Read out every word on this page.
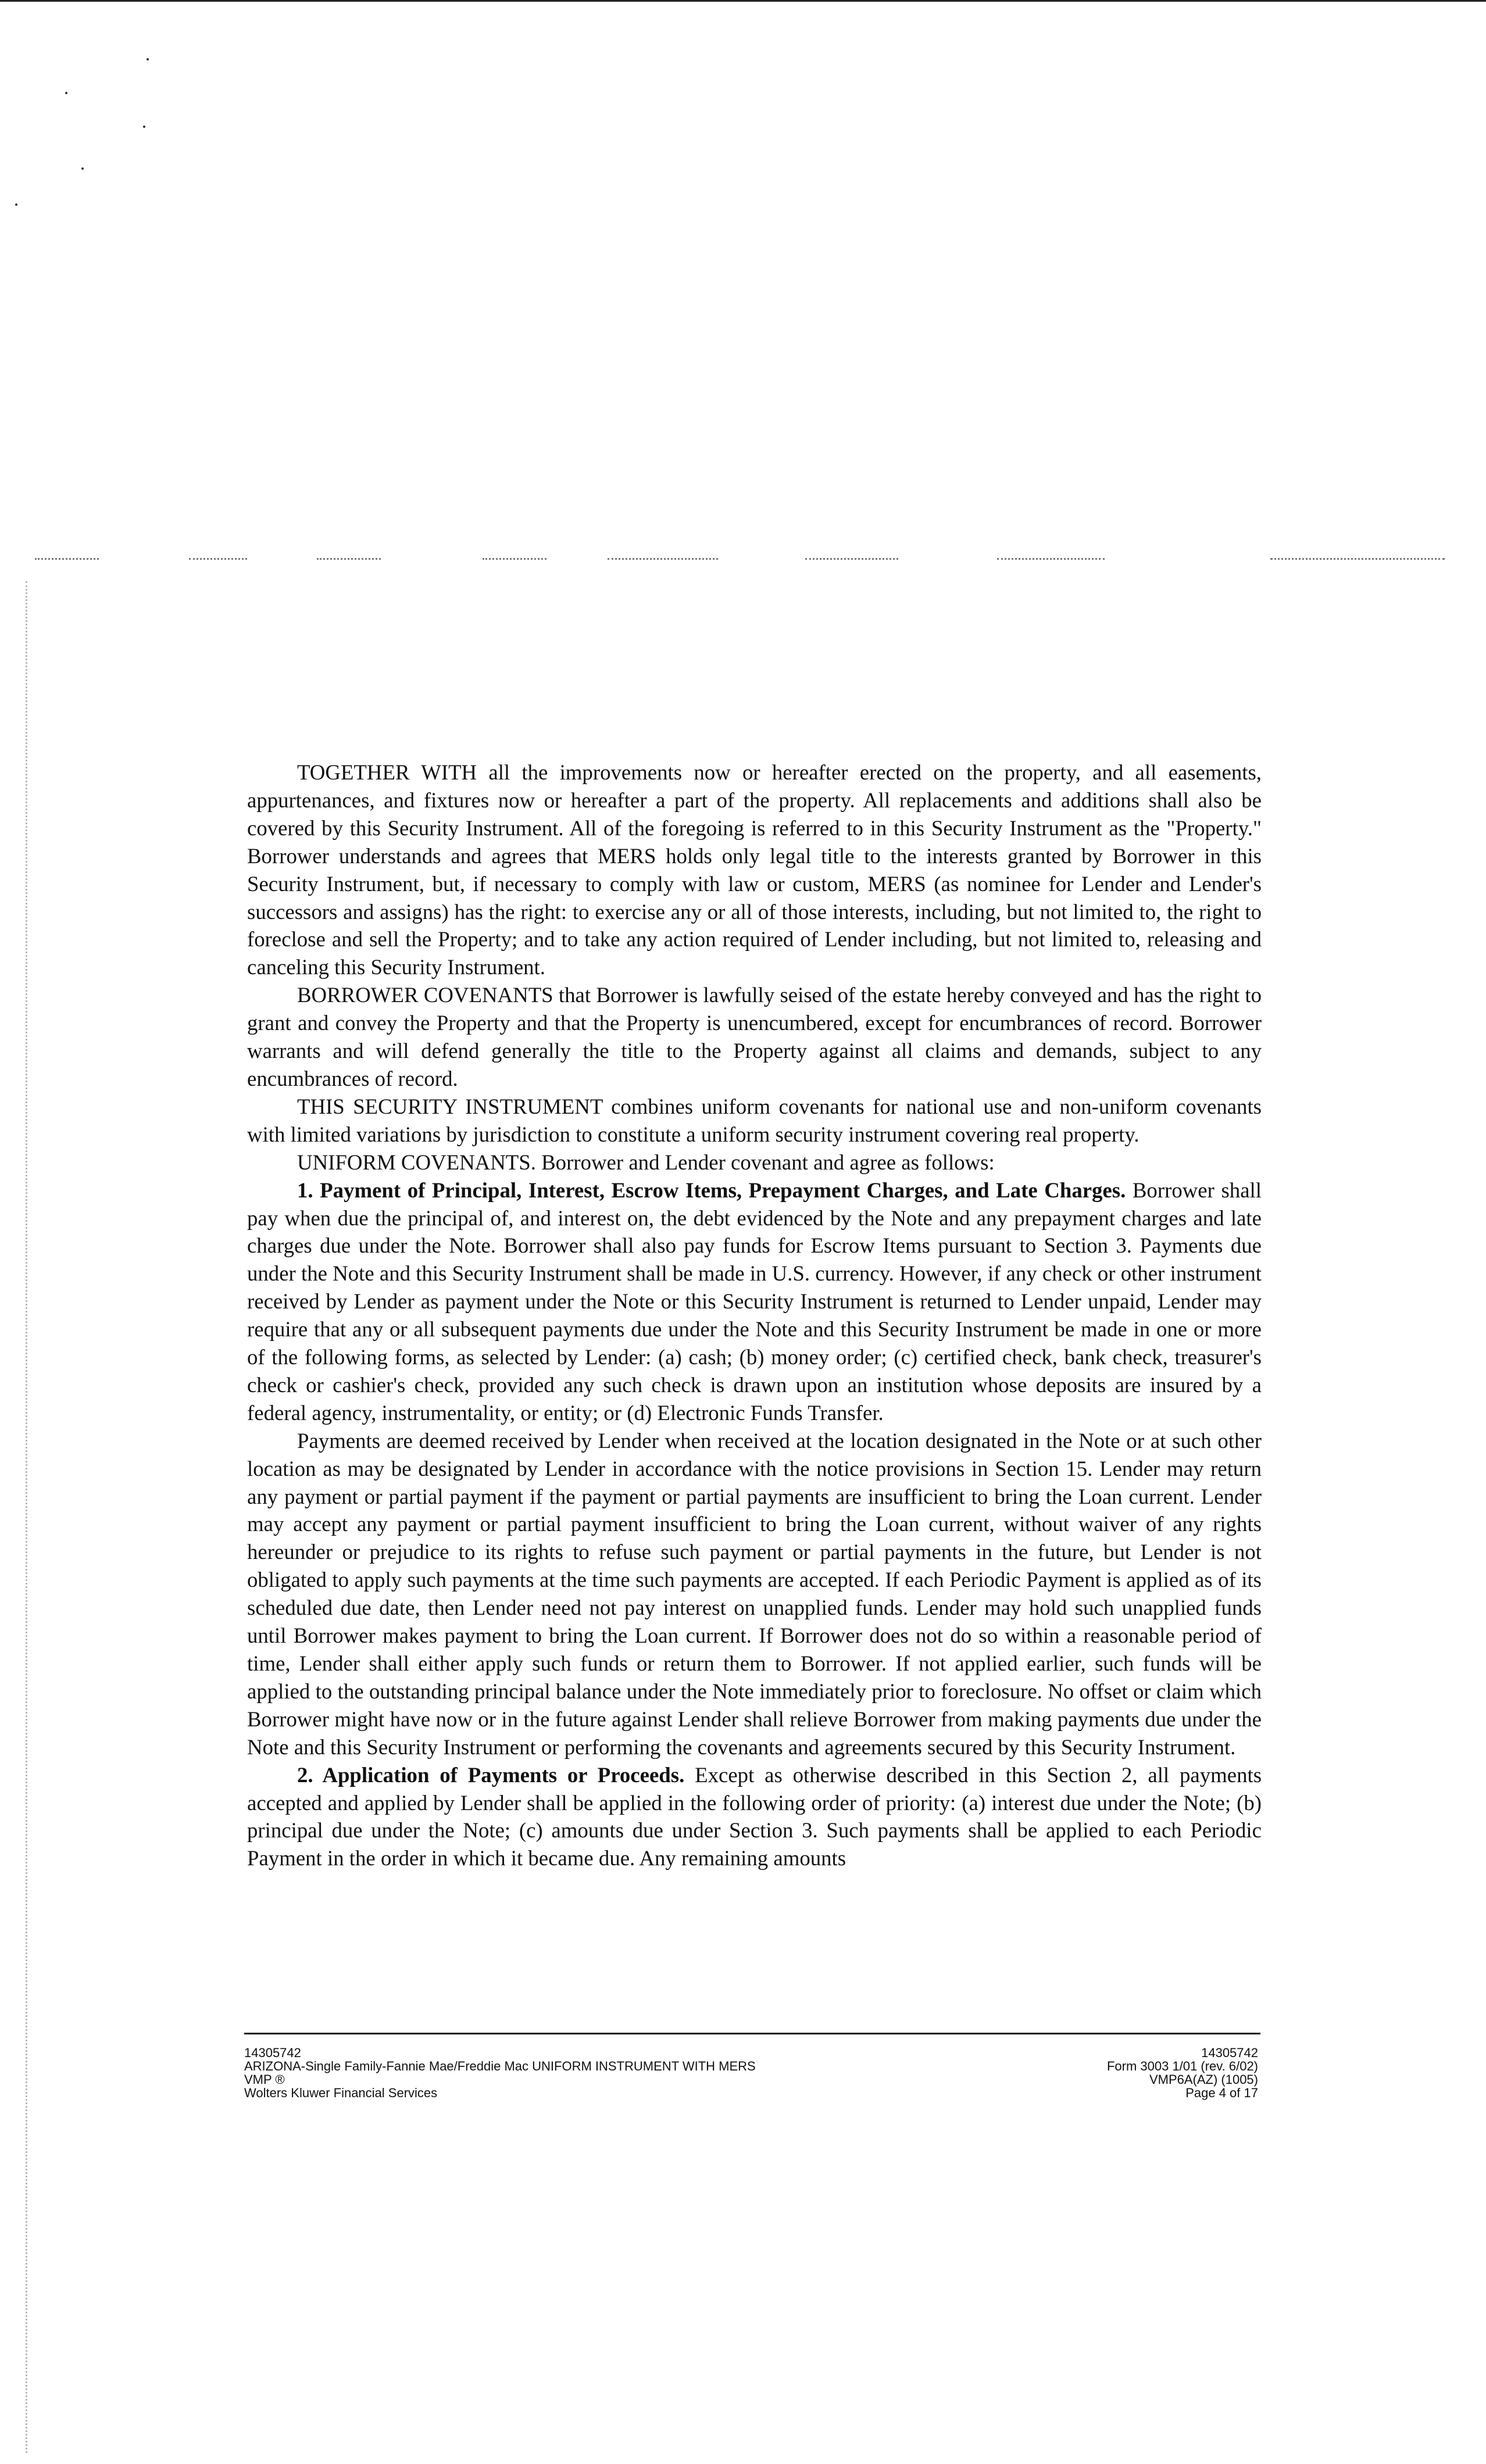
TOGETHER WITH all the improvements now or hereafter erected on the property, and all easements, appurtenances, and fixtures now or hereafter a part of the property. All replacements and additions shall also be covered by this Security Instrument. All of the foregoing is referred to in this Security Instrument as the "Property." Borrower understands and agrees that MERS holds only legal title to the interests granted by Borrower in this Security Instrument, but, if necessary to comply with law or custom, MERS (as nominee for Lender and Lender's successors and assigns) has the right: to exercise any or all of those interests, including, but not limited to, the right to foreclose and sell the Property; and to take any action required of Lender including, but not limited to, releasing and canceling this Security Instrument.

BORROWER COVENANTS that Borrower is lawfully seised of the estate hereby conveyed and has the right to grant and convey the Property and that the Property is unencumbered, except for encumbrances of record. Borrower warrants and will defend generally the title to the Property against all claims and demands, subject to any encumbrances of record.

THIS SECURITY INSTRUMENT combines uniform covenants for national use and non-uniform covenants with limited variations by jurisdiction to constitute a uniform security instrument covering real property.

UNIFORM COVENANTS. Borrower and Lender covenant and agree as follows:

1. Payment of Principal, Interest, Escrow Items, Prepayment Charges, and Late Charges. Borrower shall pay when due the principal of, and interest on, the debt evidenced by the Note and any prepayment charges and late charges due under the Note. Borrower shall also pay funds for Escrow Items pursuant to Section 3. Payments due under the Note and this Security Instrument shall be made in U.S. currency. However, if any check or other instrument received by Lender as payment under the Note or this Security Instrument is returned to Lender unpaid, Lender may require that any or all subsequent payments due under the Note and this Security Instrument be made in one or more of the following forms, as selected by Lender: (a) cash; (b) money order; (c) certified check, bank check, treasurer's check or cashier's check, provided any such check is drawn upon an institution whose deposits are insured by a federal agency, instrumentality, or entity; or (d) Electronic Funds Transfer.

Payments are deemed received by Lender when received at the location designated in the Note or at such other location as may be designated by Lender in accordance with the notice provisions in Section 15. Lender may return any payment or partial payment if the payment or partial payments are insufficient to bring the Loan current. Lender may accept any payment or partial payment insufficient to bring the Loan current, without waiver of any rights hereunder or prejudice to its rights to refuse such payment or partial payments in the future, but Lender is not obligated to apply such payments at the time such payments are accepted. If each Periodic Payment is applied as of its scheduled due date, then Lender need not pay interest on unapplied funds. Lender may hold such unapplied funds until Borrower makes payment to bring the Loan current. If Borrower does not do so within a reasonable period of time, Lender shall either apply such funds or return them to Borrower. If not applied earlier, such funds will be applied to the outstanding principal balance under the Note immediately prior to foreclosure. No offset or claim which Borrower might have now or in the future against Lender shall relieve Borrower from making payments due under the Note and this Security Instrument or performing the covenants and agreements secured by this Security Instrument.

2. Application of Payments or Proceeds. Except as otherwise described in this Section 2, all payments accepted and applied by Lender shall be applied in the following order of priority: (a) interest due under the Note; (b) principal due under the Note; (c) amounts due under Section 3. Such payments shall be applied to each Periodic Payment in the order in which it became due. Any remaining amounts

14305742
ARIZONA-Single Family-Fannie Mae/Freddie Mac UNIFORM INSTRUMENT WITH MERS
VMP ®
Wolters Kluwer Financial Services
14305742
Form 3003 1/01 (rev. 6/02)
VMP6A(AZ) (1005)
Page 4 of 17
